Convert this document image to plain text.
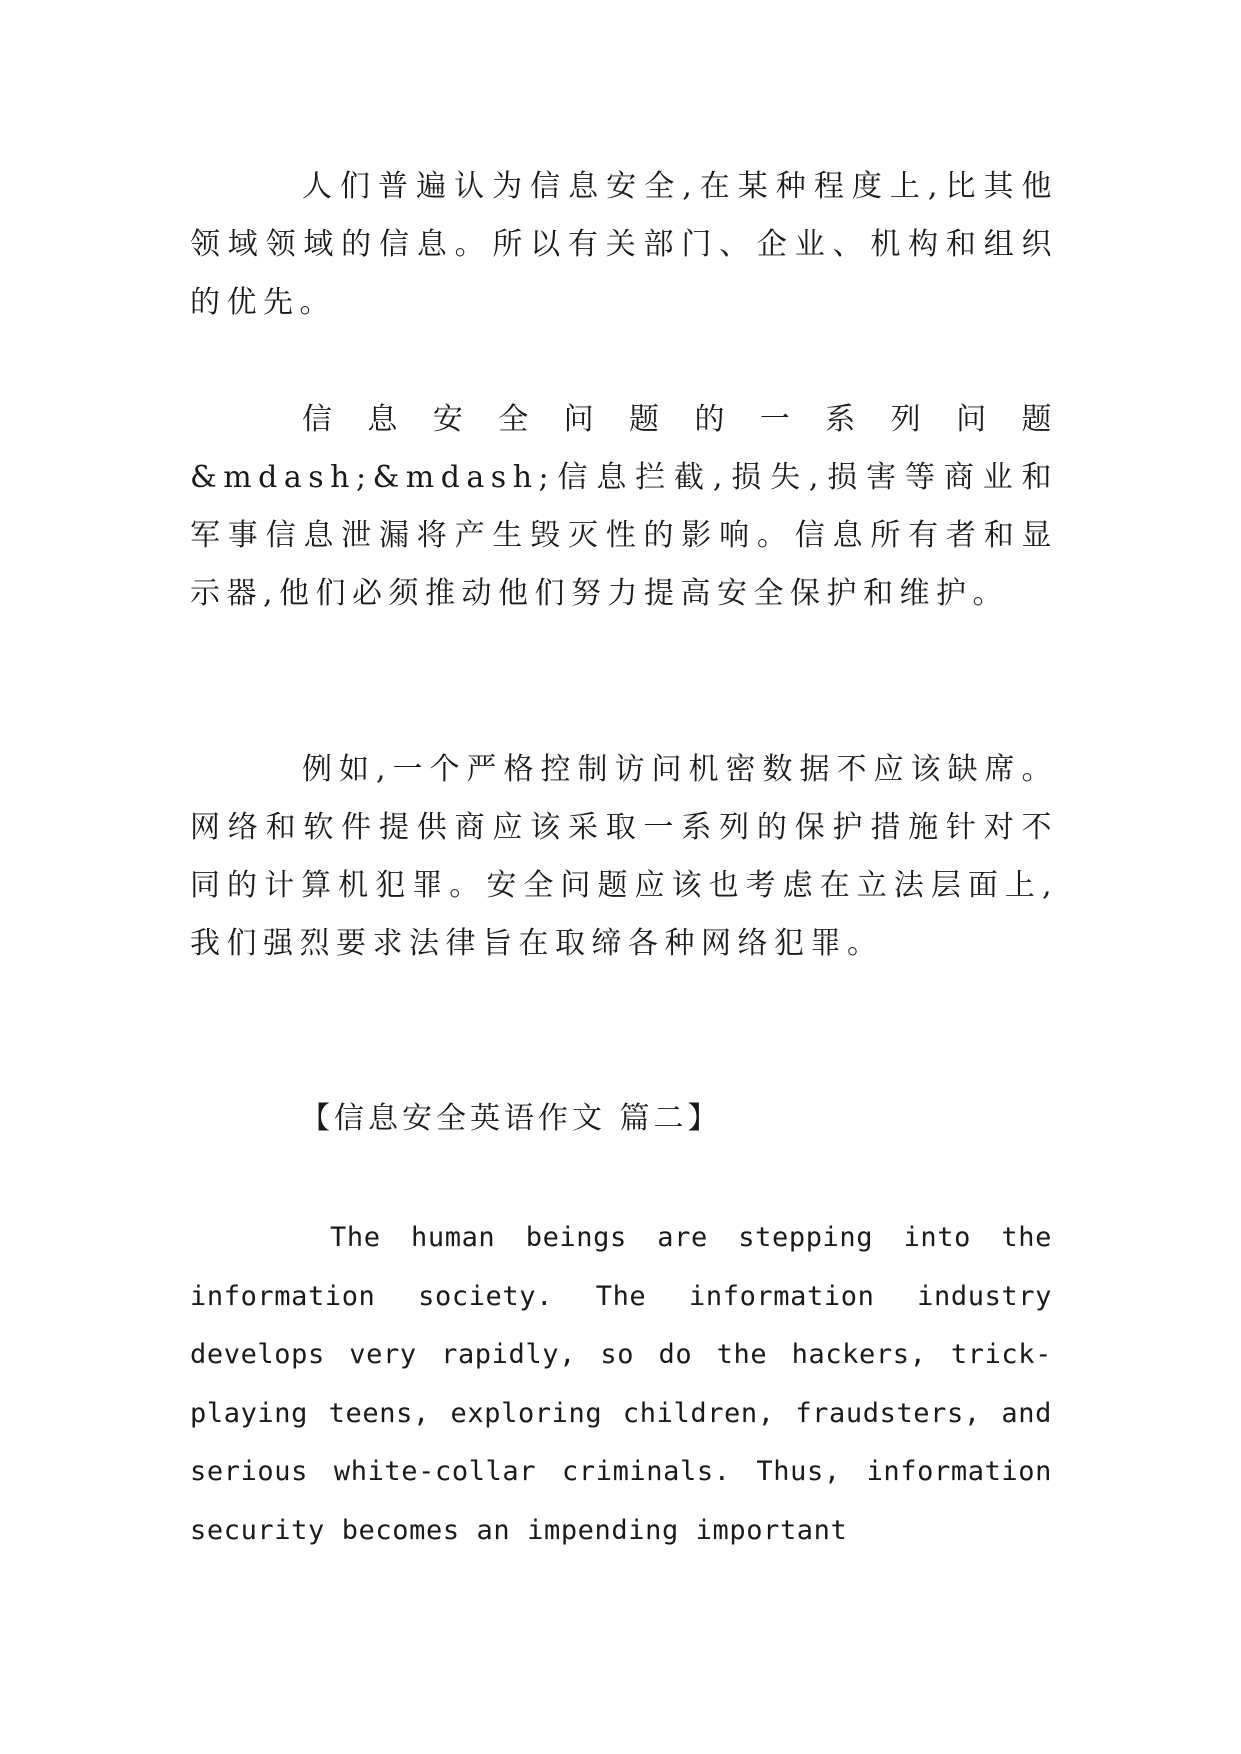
人们普遍认为信息安全,在某种程度上,比其他领域领域的信息。所以有关部门、企业、机构和组织的优先。

信息安全问题的一系列问题&mdash;&mdash;信息拦截,损失,损害等商业和军事信息泄漏将产生毁灭性的影响。信息所有者和显示器,他们必须推动他们努力提高安全保护和维护。

例如,一个严格控制访问机密数据不应该缺席。网络和软件提供商应该采取一系列的保护措施针对不同的计算机犯罪。安全问题应该也考虑在立法层面上,我们强烈要求法律旨在取缔各种网络犯罪。

【信息安全英语作文 篇二】

The human beings are stepping into the information society. The information industry develops very rapidly, so do the hackers, trick-playing teens, exploring children, fraudsters, and serious white-collar criminals. Thus, information security becomes an impending important
